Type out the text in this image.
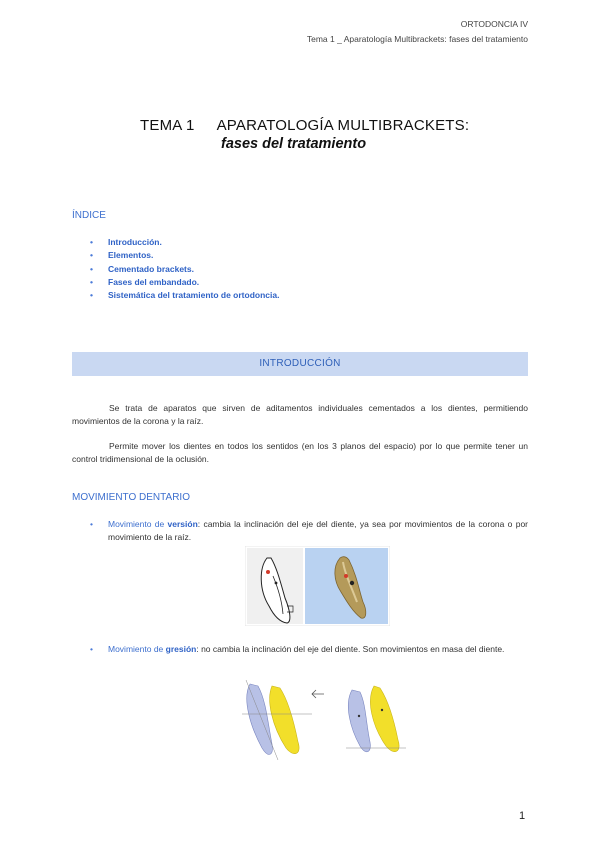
ORTODONCIA IV
Tema 1 _ Aparatología Multibrackets: fases del tratamiento
TEMA 1 APARATOLOGÍA MULTIBRACKETS:
fases del tratamiento
ÍNDICE
• Introducción.
• Elementos.
• Cementado brackets.
• Fases del embandado.
• Sistemática del tratamiento de ortodoncia.
INTRODUCCIÓN
Se trata de aparatos que sirven de aditamentos individuales cementados a los dientes, permitiendo movimientos de la corona y la raíz.
Permite mover los dientes en todos los sentidos (en los 3 planos del espacio) por lo que permite tener un control tridimensional de la oclusión.
MOVIMIENTO DENTARIO
•	Movimiento de versión: cambia la inclinación del eje del diente, ya sea por movimientos de la corona o por movimiento de la raíz.
•	Movimiento de gresión: no cambia la inclinación del eje del diente. Son movimientos en masa del diente.
1
